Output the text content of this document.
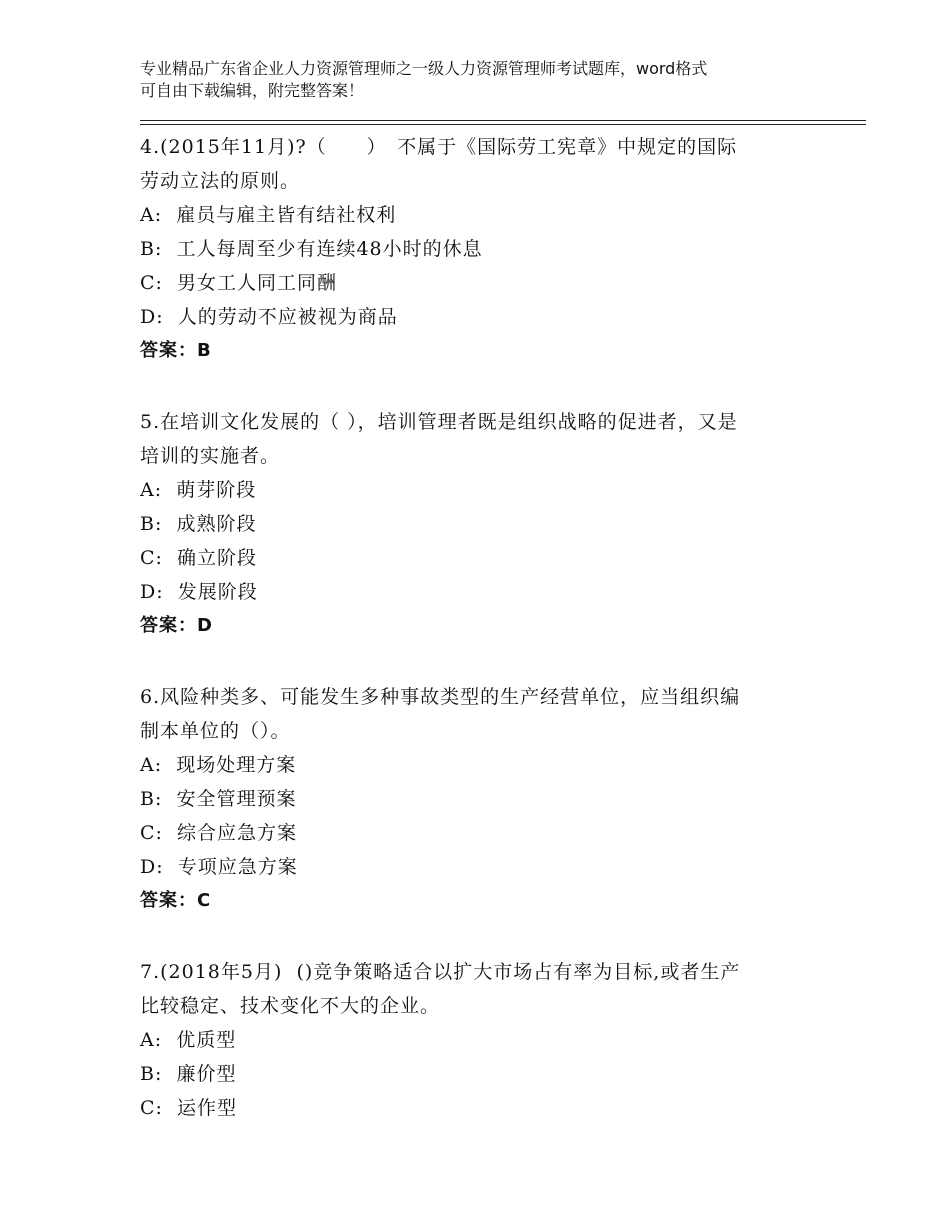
专业精品广东省企业人力资源管理师之一级人力资源管理师考试题库，word格式
可自由下载编辑，附完整答案！
4.(2015年11月)?（　　）　不属于《国际劳工宪章》中规定的国际
劳动立法的原则。
A:  雇员与雇主皆有结社权利
B:  工人每周至少有连续48小时的休息
C:  男女工人同工同酬
D:  人的劳动不应被视为商品
答案：B
5.在培训文化发展的（ ），培训管理者既是组织战略的促进者，又是
培训的实施者。
A:  萌芽阶段
B:  成熟阶段
C:  确立阶段
D:  发展阶段
答案：D
6.风险种类多、可能发生多种事故类型的生产经营单位，应当组织编
制本单位的（）。
A:  现场处理方案
B:  安全管理预案
C:  综合应急方案
D:  专项应急方案
答案：C
7.(2018年5月)  ()竞争策略适合以扩大市场占有率为目标,或者生产
比较稳定、技术变化不大的企业。
A:  优质型
B:  廉价型
C:  运作型
